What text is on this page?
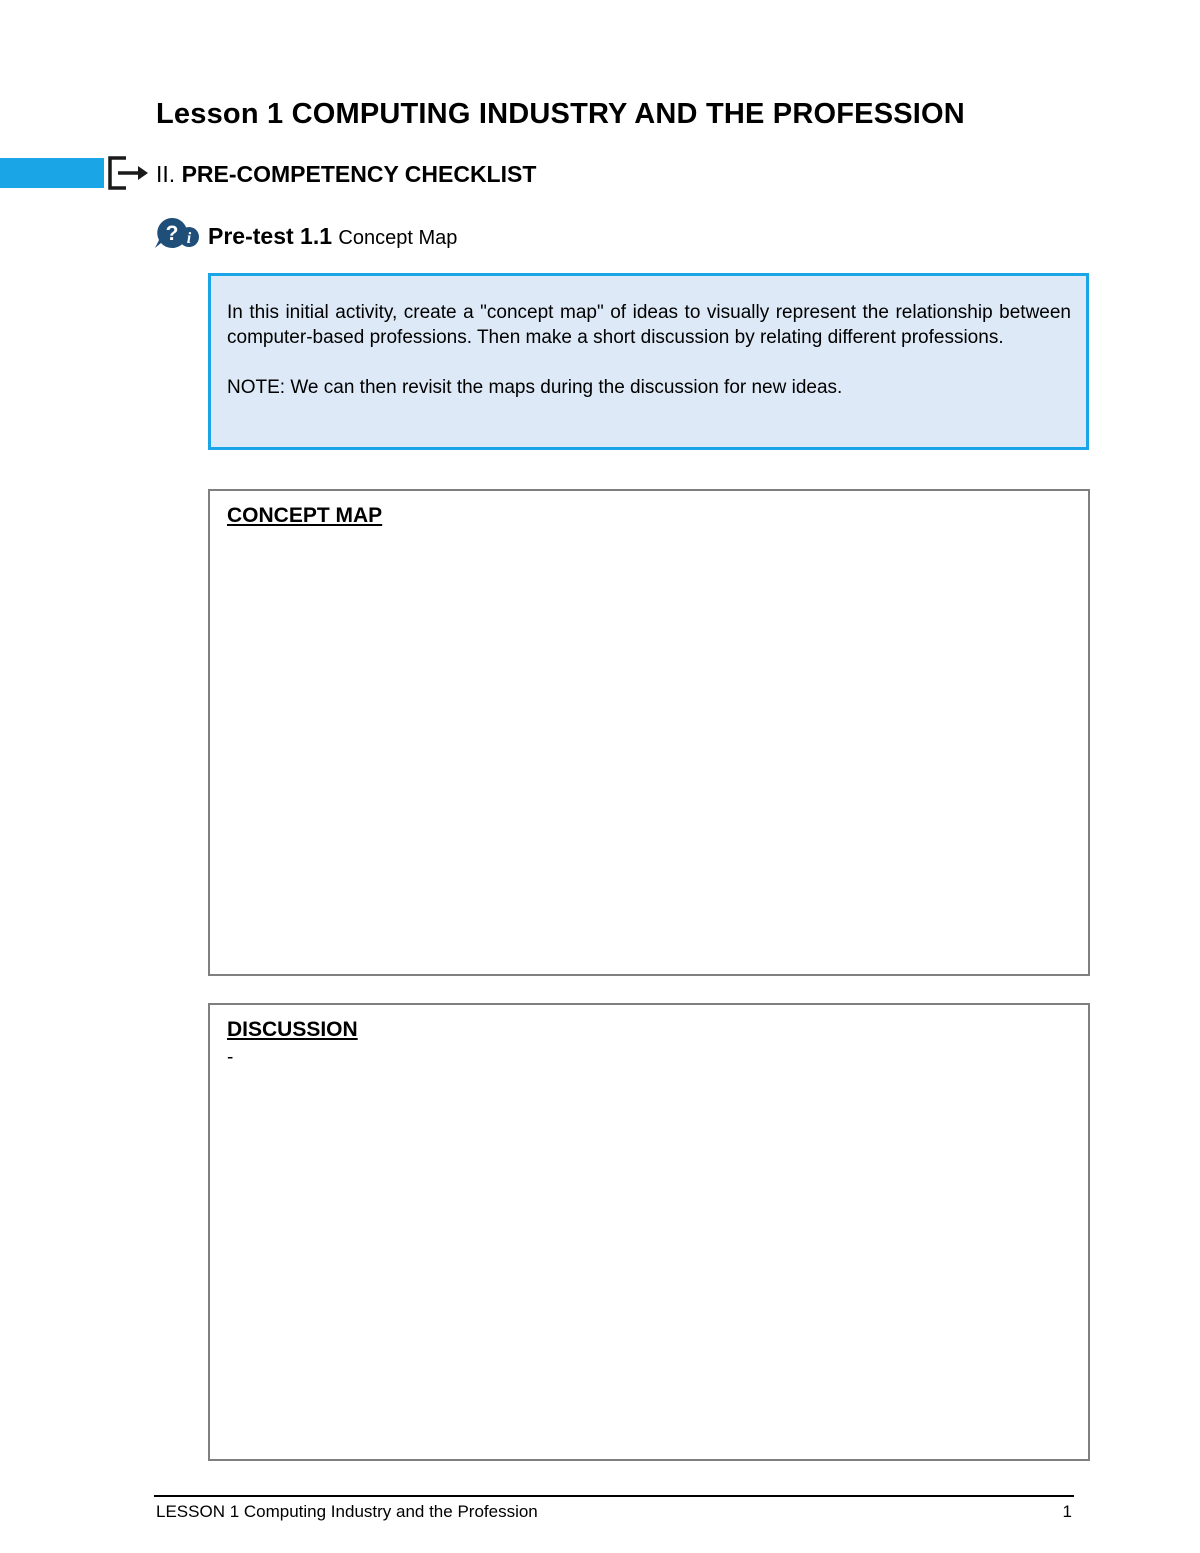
Lesson 1 COMPUTING INDUSTRY AND THE PROFESSION
II. PRE-COMPETENCY CHECKLIST
i
? Pre-test 1.1 Concept Map

In this initial activity, create a "concept map" of ideas to visually represent the relationship between computer-based professions. Then make a short discussion by relating different professions.

NOTE: We can then revisit the maps during the discussion for new ideas.

CONCEPT MAP
DISCUSSION
-
LESSON 1 Computing Industry and the Profession	1
